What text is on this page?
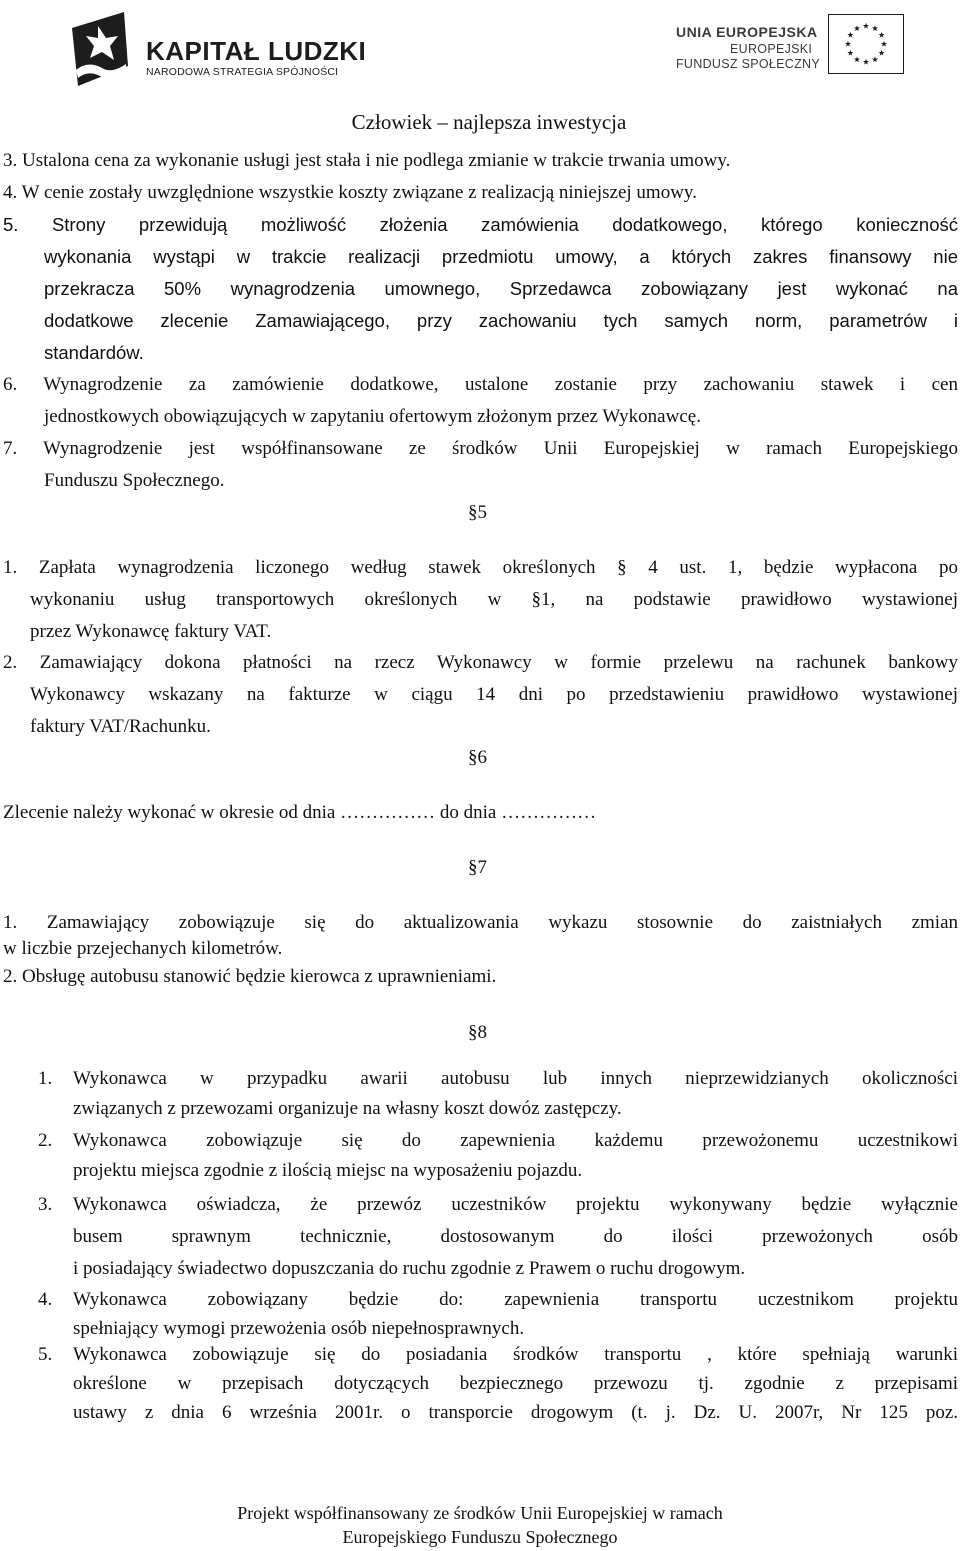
KAPITAŁ LUDZKI
NARODOWA STRATEGIA SPÓJNOŚCI
UNIA EUROPEJSKA
EUROPEJSKI
FUNDUSZ SPOŁECZNY
Człowiek – najlepsza inwestycja
3. Ustalona cena za wykonanie usługi jest stała i nie podlega zmianie w trakcie trwania umowy.
4. W cenie zostały uwzględnione wszystkie koszty związane z realizacją niniejszej umowy.
5. Strony przewidują możliwość złożenia zamówienia dodatkowego, którego konieczność
wykonania wystąpi w trakcie realizacji przedmiotu umowy, a których zakres finansowy nie
przekracza 50% wynagrodzenia umownego, Sprzedawca zobowiązany jest wykonać na
dodatkowe zlecenie Zamawiającego, przy zachowaniu tych samych norm, parametrów i
standardów.
6. Wynagrodzenie za zamówienie dodatkowe, ustalone zostanie przy zachowaniu stawek i cen
jednostkowych obowiązujących w zapytaniu ofertowym złożonym przez Wykonawcę.
7. Wynagrodzenie jest współfinansowane ze środków Unii Europejskiej w ramach Europejskiego
Funduszu Społecznego.
§5
1. Zapłata wynagrodzenia liczonego według stawek określonych § 4 ust. 1, będzie wypłacona po
wykonaniu usług transportowych określonych w §1, na podstawie prawidłowo wystawionej
przez Wykonawcę faktury VAT.
2. Zamawiający dokona płatności na rzecz Wykonawcy w formie przelewu na rachunek bankowy
Wykonawcy wskazany na fakturze w ciągu 14 dni po przedstawieniu prawidłowo wystawionej
faktury VAT/Rachunku.
§6
Zlecenie należy wykonać w okresie od dnia …………… do dnia ……………
§7
1. Zamawiający zobowiązuje się do aktualizowania wykazu stosownie do zaistniałych zmian
w liczbie przejechanych kilometrów.
2. Obsługę autobusu stanowić będzie kierowca z uprawnieniami.
§8
1. Wykonawca w przypadku awarii autobusu lub innych nieprzewidzianych okoliczności
związanych z przewozami organizuje na własny koszt dowóz zastępczy.
2. Wykonawca zobowiązuje się do zapewnienia każdemu przewożonemu uczestnikowi
projektu miejsca zgodnie z ilością miejsc na wyposażeniu pojazdu.
3. Wykonawca oświadcza, że przewóz uczestników projektu wykonywany będzie wyłącznie
busem sprawnym technicznie, dostosowanym do ilości przewożonych osób
i posiadający świadectwo dopuszczania do ruchu zgodnie z Prawem o ruchu drogowym.
4. Wykonawca zobowiązany będzie do: zapewnienia transportu uczestnikom projektu
spełniający wymogi przewożenia osób niepełnosprawnych.
5. Wykonawca zobowiązuje się do posiadania środków transportu , które spełniają warunki
określone w przepisach dotyczących bezpiecznego przewozu tj. zgodnie z przepisami
ustawy z dnia 6 września 2001r. o transporcie drogowym (t. j. Dz. U. 2007r, Nr 125 poz.
Projekt współfinansowany ze środków Unii Europejskiej w ramach
Europejskiego Funduszu Społecznego
